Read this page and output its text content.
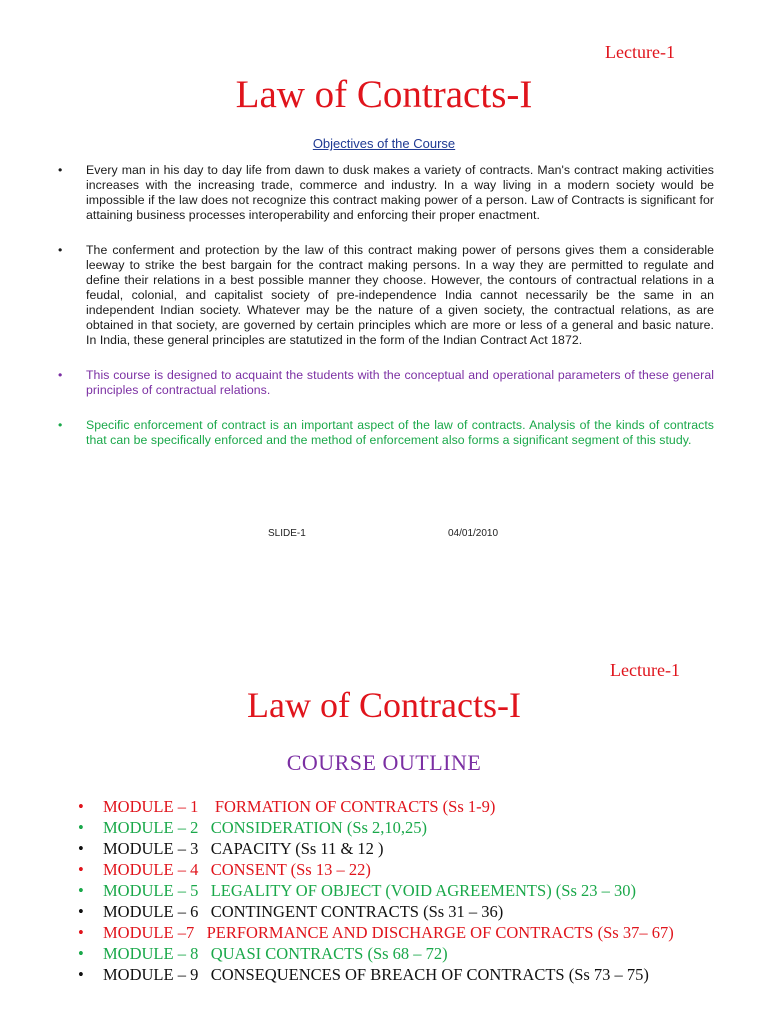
Lecture-1
Law of Contracts-I
Objectives of the Course
• Every man in his day to day life from dawn to dusk makes a variety of contracts. Man's contract making activities increases with the increasing trade, commerce and industry. In a way living in a modern society would be impossible if the law does not recognize this contract making power of a person. Law of Contracts is significant for attaining business processes interoperability and enforcing their proper enactment.
• The conferment and protection by the law of this contract making power of persons gives them a considerable leeway to strike the best bargain for the contract making persons. In a way they are permitted to regulate and define their relations in a best possible manner they choose. However, the contours of contractual relations in a feudal, colonial, and capitalist society of pre-independence India cannot necessarily be the same in an independent Indian society. Whatever may be the nature of a given society, the contractual relations, as are obtained in that society, are governed by certain principles which are more or less of a general and basic nature. In India, these general principles are statutized in the form of the Indian Contract Act 1872.
• This course is designed to acquaint the students with the conceptual and operational parameters of these general principles of contractual relations.
• Specific enforcement of contract is an important aspect of the law of contracts. Analysis of the kinds of contracts that can be specifically enforced and the method of enforcement also forms a significant segment of this study.
SLIDE-1	04/01/2010
Lecture-1
Law of Contracts-I
COURSE OUTLINE
• MODULE – 1 FORMATION OF CONTRACTS (Ss 1-9)
• MODULE – 2 CONSIDERATION (Ss 2,10,25)
• MODULE – 3 CAPACITY (Ss 11 & 12 )
• MODULE – 4 CONSENT (Ss 13 – 22)
• MODULE – 5 LEGALITY OF OBJECT (VOID AGREEMENTS) (Ss 23 – 30)
• MODULE – 6 CONTINGENT CONTRACTS (Ss 31 – 36)
• MODULE –7 PERFORMANCE AND DISCHARGE OF CONTRACTS (Ss 37– 67)
• MODULE – 8 QUASI CONTRACTS (Ss 68 – 72)
• MODULE – 9 CONSEQUENCES OF BREACH OF CONTRACTS (Ss 73 – 75)
